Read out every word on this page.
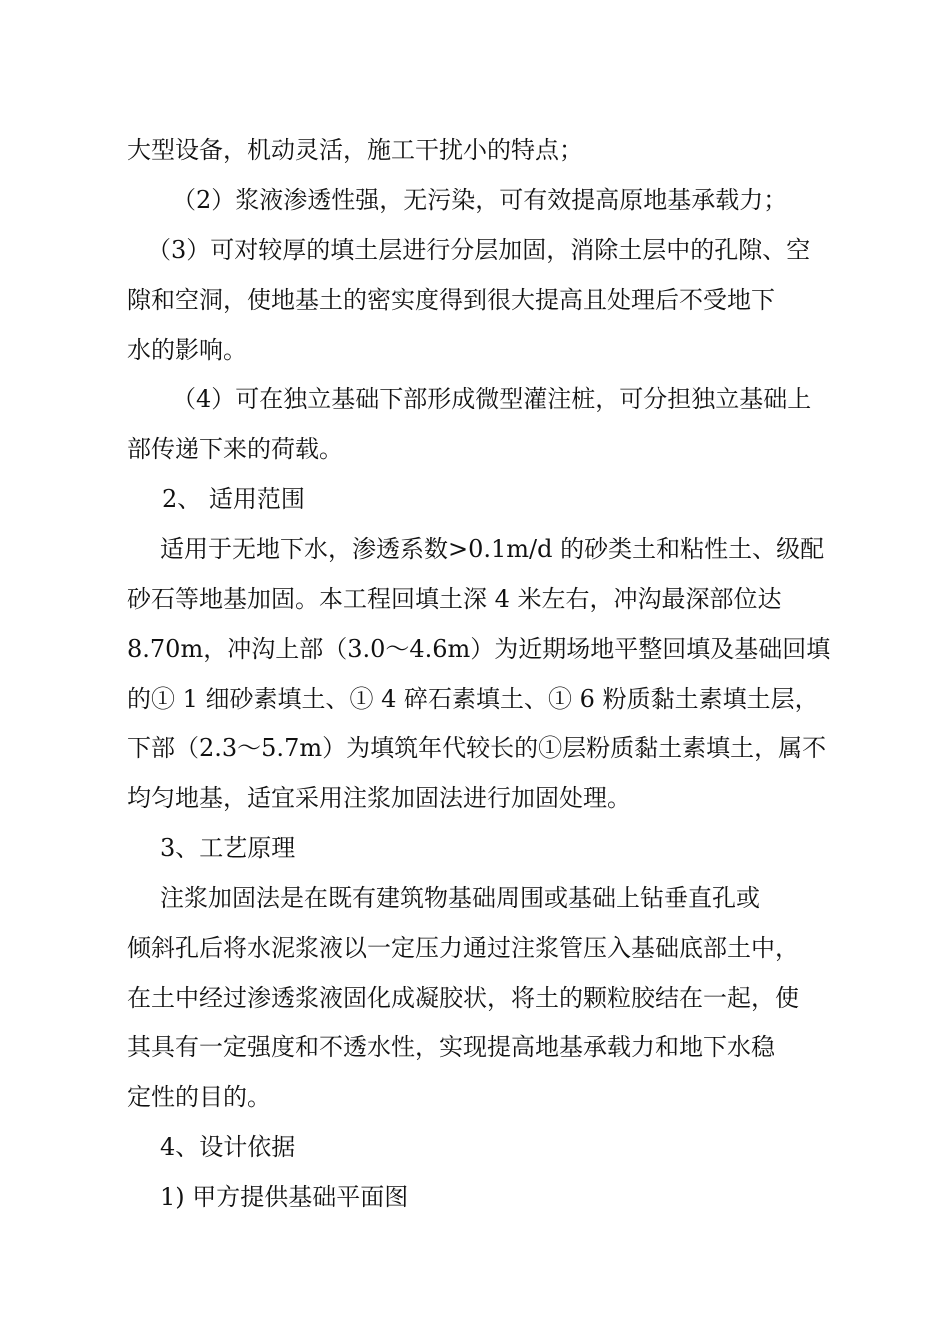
大型设备，机动灵活，施工干扰小的特点；
（2）浆液渗透性强，无污染，可有效提高原地基承载力；
（3）可对较厚的填土层进行分层加固，消除土层中的孔隙、空
隙和空洞，使地基土的密实度得到很大提高且处理后不受地下
水的影响。
（4）可在独立基础下部形成微型灌注桩，可分担独立基础上
部传递下来的荷载。
2、 适用范围
适用于无地下水，渗透系数>0.1m/d 的砂类土和粘性土、级配
砂石等地基加固。本工程回填土深 4 米左右，冲沟最深部位达
8.70m，冲沟上部（3.0～4.6m）为近期场地平整回填及基础回填
的① 1 细砂素填土、① 4 碎石素填土、① 6 粉质黏土素填土层，
下部（2.3～5.7m）为填筑年代较长的①层粉质黏土素填土，属不
均匀地基，适宜采用注浆加固法进行加固处理。
3、工艺原理
注浆加固法是在既有建筑物基础周围或基础上钻垂直孔或
倾斜孔后将水泥浆液以一定压力通过注浆管压入基础底部土中，
在土中经过渗透浆液固化成凝胶状，将土的颗粒胶结在一起，使
其具有一定强度和不透水性，实现提高地基承载力和地下水稳
定性的目的。
4、设计依据
1) 甲方提供基础平面图
